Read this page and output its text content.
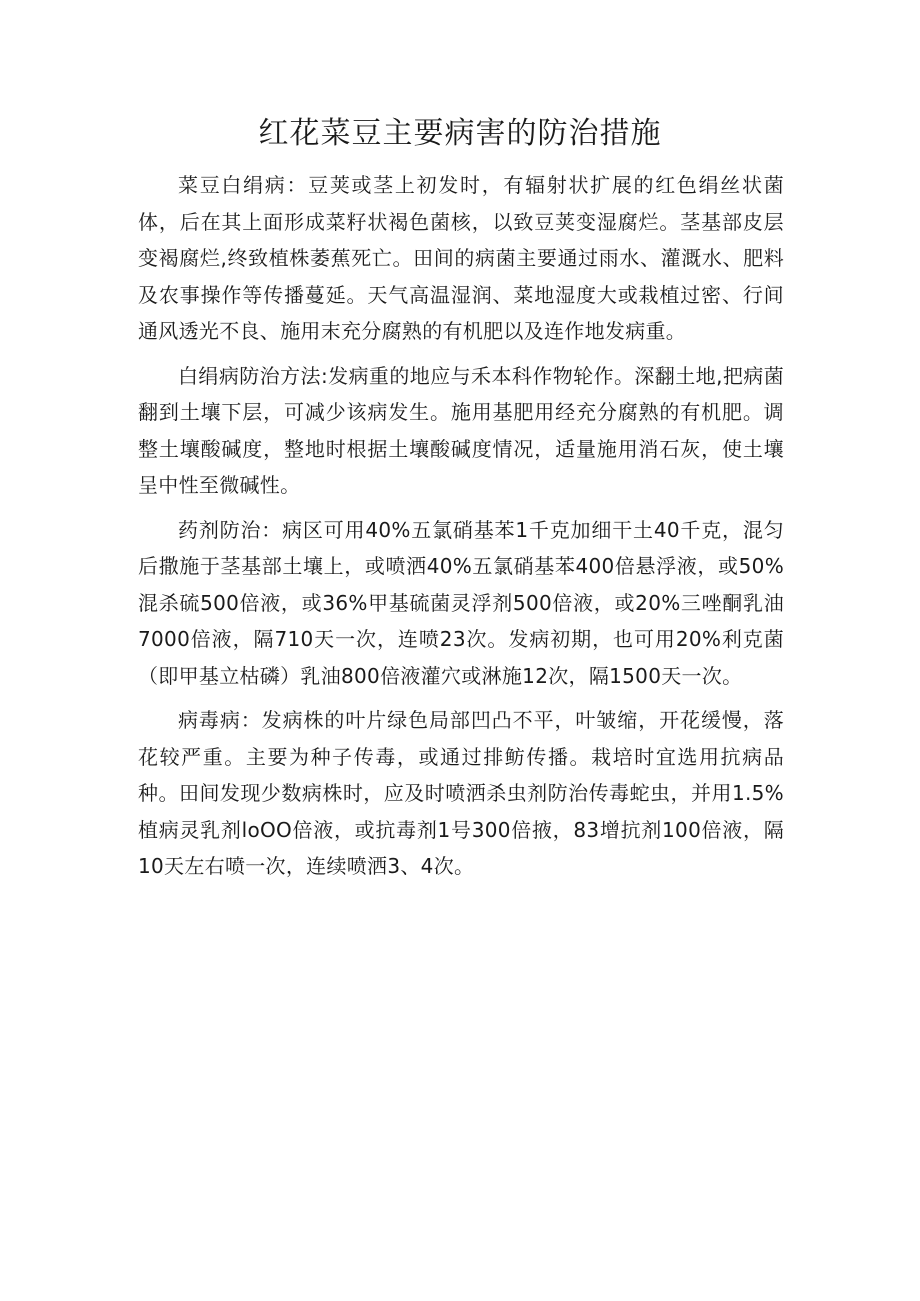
红花菜豆主要病害的防治措施

菜豆白绢病：豆荚或茎上初发时，有辐射状扩展的红色绢丝状菌体，后在其上面形成菜籽状褐色菌核，以致豆荚变湿腐烂。茎基部皮层变褐腐烂,终致植株萎蕉死亡。田间的病菌主要通过雨水、灌溉水、肥料及农事操作等传播蔓延。天气高温湿润、菜地湿度大或栽植过密、行间通风透光不良、施用末充分腐熟的有机肥以及连作地发病重。

白绢病防治方法:发病重的地应与禾本科作物轮作。深翻土地,把病菌翻到土壤下层，可减少该病发生。施用基肥用经充分腐熟的有机肥。调整土壤酸碱度，整地时根据土壤酸碱度情况，适量施用消石灰，使土壤呈中性至微碱性。

药剂防治：病区可用40%五氯硝基苯1千克加细干土40千克，混匀后撒施于茎基部土壤上，或喷洒40%五氯硝基苯400倍悬浮液，或50%混杀硫500倍液，或36%甲基硫菌灵浮剂500倍液，或20%三唑酮乳油7000倍液，隔710天一次，连喷23次。发病初期，也可用20%利克菌（即甲基立枯磷）乳油800倍液灌穴或淋施12次，隔1500天一次。

病毒病：发病株的叶片绿色局部凹凸不平，叶皱缩，开花缓慢，落花较严重。主要为种子传毒，或通过排鲂传播。栽培时宜选用抗病品种。田间发现少数病株时，应及时喷洒杀虫剂防治传毒蛇虫，并用1.5%植病灵乳剂loOO倍液，或抗毒剂1号300倍掖，83增抗剂100倍液，隔10天左右喷一次，连续喷洒3、4次。
